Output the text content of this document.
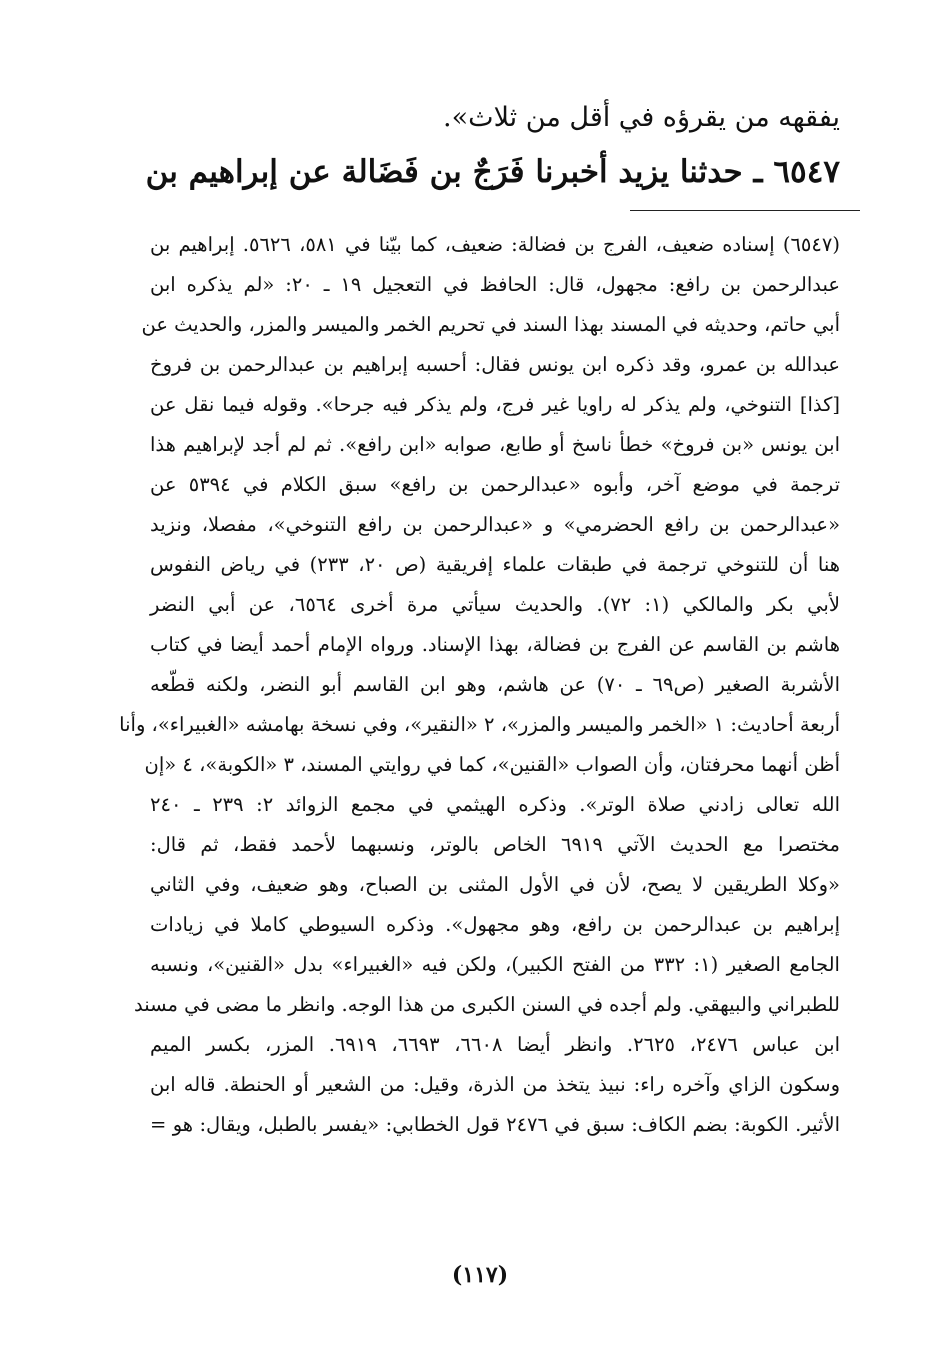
يفقهه من يقرؤه في أقل من ثلاث».
٦٥٤٧ ـ حدثنا يزيد أخبرنا فَرَجٌ بن فَضَالة عن إبراهيم بن
(٦٥٤٧) إسناده ضعيف، الفرج بن فضالة: ضعيف، كما بيّنا في ٥٨١، ٥٦٢٦. إبراهيم بن
عبدالرحمن بن رافع: مجهول، قال: الحافظ في التعجيل ١٩ ـ ٢٠: «لم يذكره ابن
أبي حاتم، وحديثه في المسند بهذا السند في تحريم الخمر والميسر والمزر، والحديث عن
عبدالله بن عمرو، وقد ذكره ابن يونس فقال: أحسبه إبراهيم بن عبدالرحمن بن فروخ
[كذا] التنوخي، ولم يذكر له راويا غير فرج، ولم يذكر فيه جرحا». وقوله فيما نقل عن
ابن يونس «بن فروخ» خطأ ناسخ أو طابع، صوابه «ابن رافع». ثم لم أجد لإبراهيم هذا
ترجمة في موضع آخر، وأبوه «عبدالرحمن بن رافع» سبق الكلام في ٥٣٩٤ عن
«عبدالرحمن بن رافع الحضرمي» و «عبدالرحمن بن رافع التنوخي»، مفصلا، ونزيد
هنا أن للتنوخي ترجمة في طبقات علماء إفريقية (ص ٢٠، ٢٣٣) في رياض النفوس
لأبي بكر والمالكي (١: ٧٢). والحديث سيأتي مرة أخرى ٦٥٦٤، عن أبي النضر
هاشم بن القاسم عن الفرج بن فضالة، بهذا الإسناد. ورواه الإمام أحمد أيضا في كتاب
الأشربة الصغير (ص٦٩ ـ ٧٠) عن هاشم، وهو ابن القاسم أبو النضر، ولكنه قطّعه
أربعة أحاديث: ١ «الخمر والميسر والمزر»، ٢ «النقير»، وفي نسخة بهامشه «الغبيراء»، وأنا
أظن أنهما محرفتان، وأن الصواب «القنين»، كما في روايتي المسند، ٣ «الكوبة»، ٤ «إن
الله تعالى زادني صلاة الوتر». وذكره الهيثمي في مجمع الزوائد ٢: ٢٣٩ ـ ٢٤٠
مختصرا مع الحديث الآتي ٦٩١٩ الخاص بالوتر، ونسبهما لأحمد فقط، ثم قال:
«وكلا الطريقين لا يصح، لأن في الأول المثنى بن الصباح، وهو ضعيف، وفي الثاني
إبراهيم بن عبدالرحمن بن رافع، وهو مجهول». وذكره السيوطي كاملا في زيادات
الجامع الصغير (١: ٣٣٢ من الفتح الكبير)، ولكن فيه «الغبيراء» بدل «القنين»، ونسبه
للطبراني والبيهقي. ولم أجده في السنن الكبرى من هذا الوجه. وانظر ما مضى في مسند
ابن عباس ٢٤٧٦، ٢٦٢٥. وانظر أيضا ٦٦٠٨، ٦٦٩٣، ٦٩١٩. المزر، بكسر الميم
وسكون الزاي وآخره راء: نبيذ يتخذ من الذرة، وقيل: من الشعير أو الحنطة. قاله ابن
الأثير. الكوبة: بضم الكاف: سبق في ٢٤٧٦ قول الخطابي: «يفسر بالطبل، ويقال: هو =
(١١٧)
